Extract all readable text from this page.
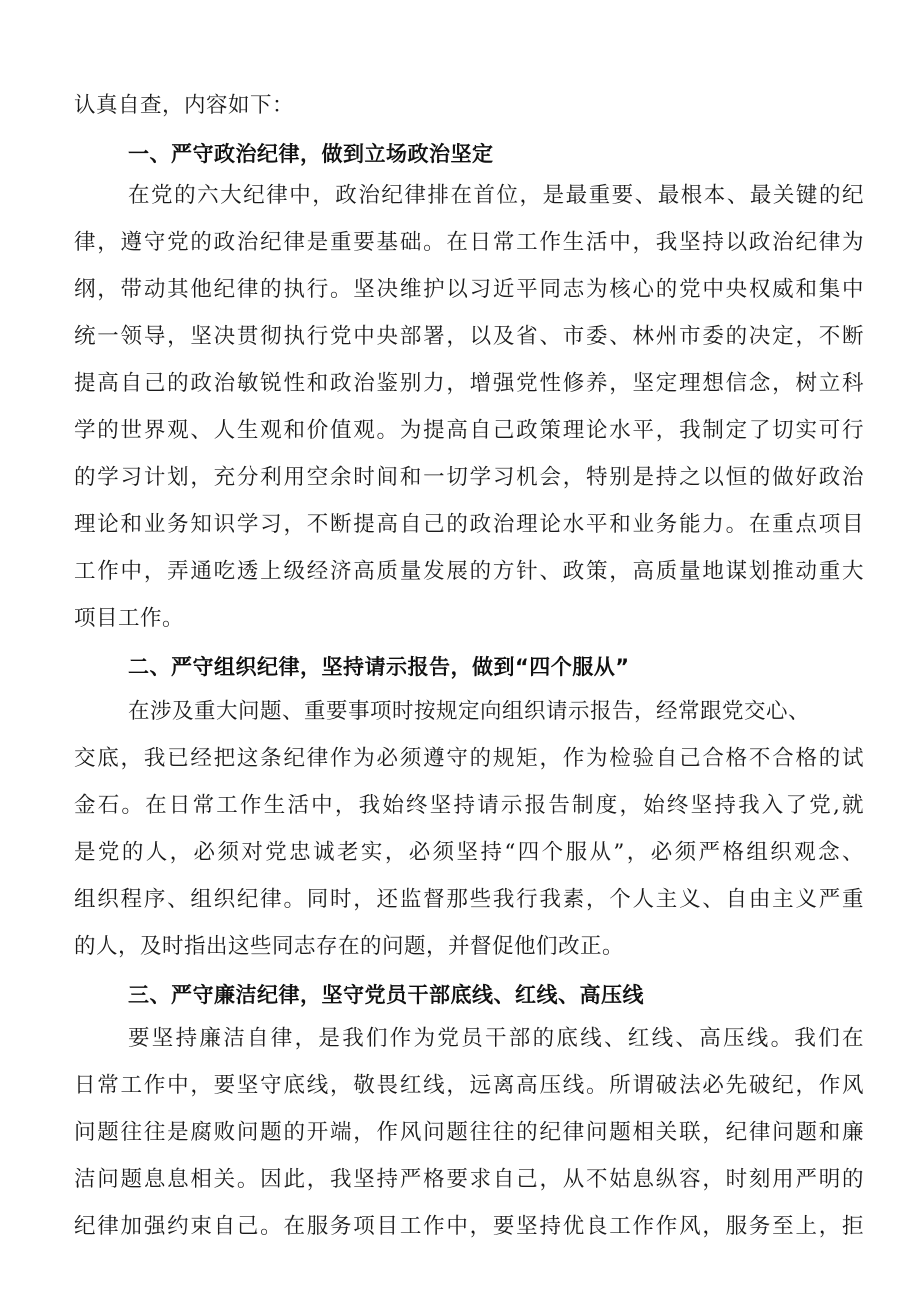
认真自查，内容如下：
一、严守政治纪律，做到立场政治坚定
在党的六大纪律中，政治纪律排在首位，是最重要、最根本、最关键的纪
律，遵守党的政治纪律是重要基础。在日常工作生活中，我坚持以政治纪律为
纲，带动其他纪律的执行。坚决维护以习近平同志为核心的党中央权威和集中
统一领导，坚决贯彻执行党中央部署，以及省、市委、林州市委的决定，不断
提高自己的政治敏锐性和政治鉴别力，增强党性修养，坚定理想信念，树立科
学的世界观、人生观和价值观。为提高自己政策理论水平，我制定了切实可行
的学习计划，充分利用空余时间和一切学习机会，特别是持之以恒的做好政治
理论和业务知识学习，不断提高自己的政治理论水平和业务能力。在重点项目
工作中，弄通吃透上级经济高质量发展的方针、政策，高质量地谋划推动重大
项目工作。
二、严守组织纪律，坚持请示报告，做到“四个服从”
在涉及重大问题、重要事项时按规定向组织请示报告，经常跟党交心、
交底，我已经把这条纪律作为必须遵守的规矩，作为检验自己合格不合格的试
金石。在日常工作生活中，我始终坚持请示报告制度，始终坚持我入了党,就
是党的人，必须对党忠诚老实，必须坚持“四个服从”，必须严格组织观念、
组织程序、组织纪律。同时，还监督那些我行我素，个人主义、自由主义严重
的人，及时指出这些同志存在的问题，并督促他们改正。
三、严守廉洁纪律，坚守党员干部底线、红线、高压线
要坚持廉洁自律，是我们作为党员干部的底线、红线、高压线。我们在
日常工作中，要坚守底线，敬畏红线，远离高压线。所谓破法必先破纪，作风
问题往往是腐败问题的开端，作风问题往往的纪律问题相关联，纪律问题和廉
洁问题息息相关。因此，我坚持严格要求自己，从不姑息纵容，时刻用严明的
纪律加强约束自己。在服务项目工作中，要坚持优良工作作风，服务至上，拒
